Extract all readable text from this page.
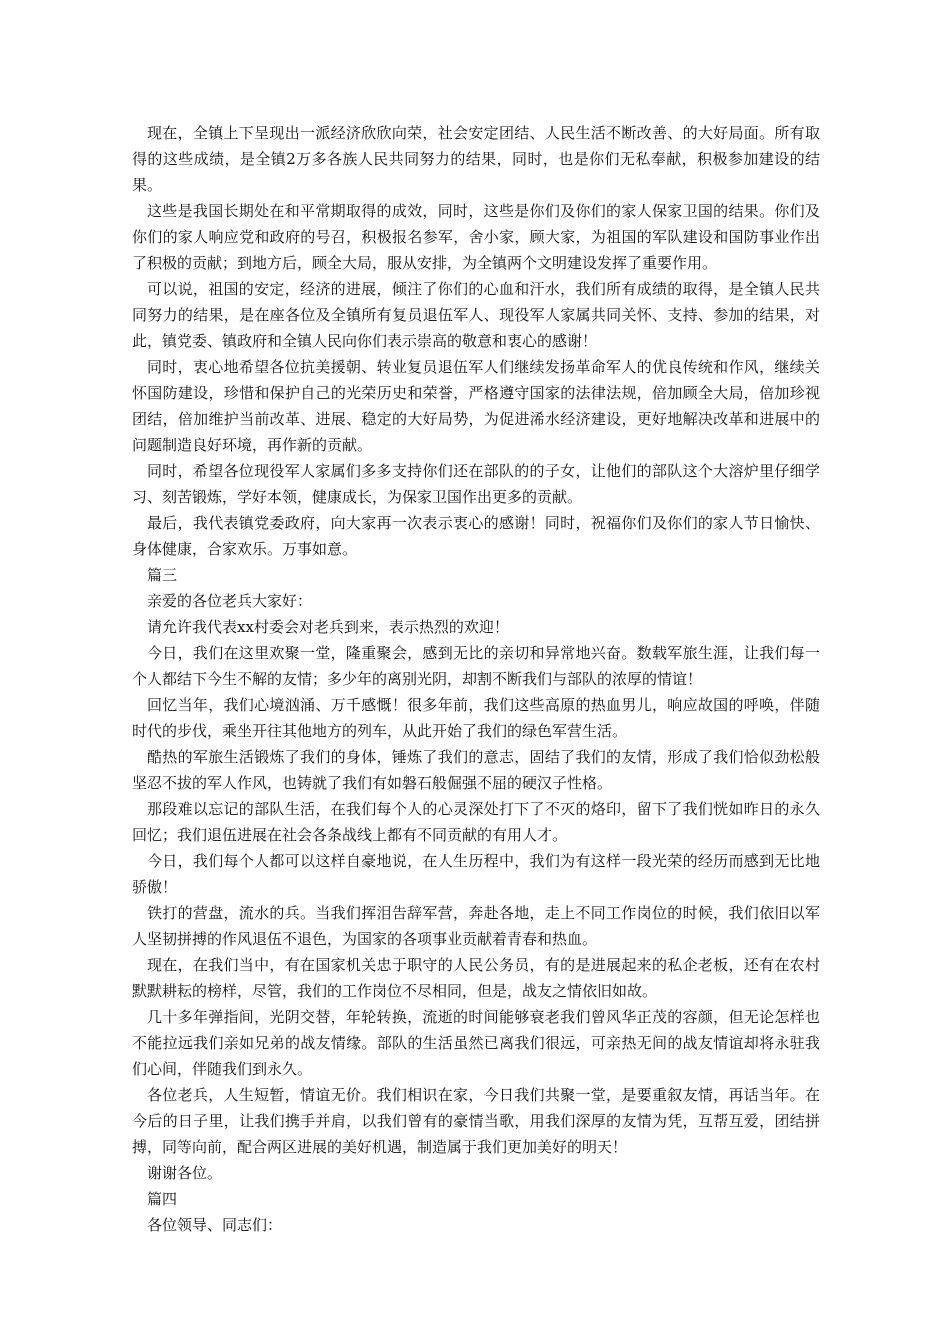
现在，全镇上下呈现出一派经济欣欣向荣，社会安定团结、人民生活不断改善、的大好局面。所有取得的这些成绩，是全镇2万多各族人民共同努力的结果，同时，也是你们无私奉献，积极参加建设的结果。

这些是我国长期处在和平常期取得的成效，同时，这些是你们及你们的家人保家卫国的结果。你们及你们的家人响应党和政府的号召，积极报名参军，舍小家，顾大家，为祖国的军队建设和国防事业作出了积极的贡献；到地方后，顾全大局，服从安排，为全镇两个文明建设发挥了重要作用。

可以说，祖国的安定，经济的进展，倾注了你们的心血和汗水，我们所有成绩的取得，是全镇人民共同努力的结果，是在座各位及全镇所有复员退伍军人、现役军人家属共同关怀、支持、参加的结果，对此，镇党委、镇政府和全镇人民向你们表示崇高的敬意和衷心的感谢！

同时，衷心地希望各位抗美援朝、转业复员退伍军人们继续发扬革命军人的优良传统和作风，继续关怀国防建设，珍惜和保护自己的光荣历史和荣誉，严格遵守国家的法律法规，倍加顾全大局，倍加珍视团结，倍加维护当前改革、进展、稳定的大好局势，为促进浠水经济建设，更好地解决改革和进展中的问题制造良好环境，再作新的贡献。

同时，希望各位现役军人家属们多多支持你们还在部队的的子女，让他们的部队这个大溶炉里仔细学习、刻苦锻炼，学好本领，健康成长，为保家卫国作出更多的贡献。

最后，我代表镇党委政府，向大家再一次表示衷心的感谢！同时，祝福你们及你们的家人节日愉快、身体健康，合家欢乐。万事如意。

篇三

亲爱的各位老兵大家好：

请允许我代表xx村委会对老兵到来，表示热烈的欢迎！

今日，我们在这里欢聚一堂，隆重聚会，感到无比的亲切和异常地兴奋。数载军旅生涯，让我们每一个人都结下今生不解的友情；多少年的离别光阴，却割不断我们与部队的浓厚的情谊！

回忆当年，我们心境汹涌、万千感慨！很多年前，我们这些高原的热血男儿，响应故国的呼唤，伴随时代的步伐，乘坐开往其他地方的列车，从此开始了我们的绿色军营生活。

酷热的军旅生活锻炼了我们的身体，锤炼了我们的意志，固结了我们的友情，形成了我们恰似劲松般坚忍不拔的军人作风，也铸就了我们有如磐石般倔强不屈的硬汉子性格。

那段难以忘记的部队生活，在我们每个人的心灵深处打下了不灭的烙印，留下了我们恍如昨日的永久回忆；我们退伍进展在社会各条战线上都有不同贡献的有用人才。

今日，我们每个人都可以这样自豪地说，在人生历程中，我们为有这样一段光荣的经历而感到无比地骄傲！

铁打的营盘，流水的兵。当我们挥泪告辞军营，奔赴各地，走上不同工作岗位的时候，我们依旧以军人坚韧拼搏的作风退伍不退色，为国家的各项事业贡献着青春和热血。

现在，在我们当中，有在国家机关忠于职守的人民公务员，有的是进展起来的私企老板，还有在农村默默耕耘的榜样，尽管，我们的工作岗位不尽相同，但是，战友之情依旧如故。

几十多年弹指间，光阴交替，年轮转换，流逝的时间能够衰老我们曾风华正茂的容颜，但无论怎样也不能拉远我们亲如兄弟的战友情缘。部队的生活虽然已离我们很远，可亲热无间的战友情谊却将永驻我们心间，伴随我们到永久。

各位老兵，人生短暂，情谊无价。我们相识在家，今日我们共聚一堂，是要重叙友情，再话当年。在今后的日子里，让我们携手并肩，以我们曾有的豪情当歌，用我们深厚的友情为凭，互帮互爱，团结拼搏，同等向前，配合两区进展的美好机遇，制造属于我们更加美好的明天！

谢谢各位。

篇四

各位领导、同志们：
